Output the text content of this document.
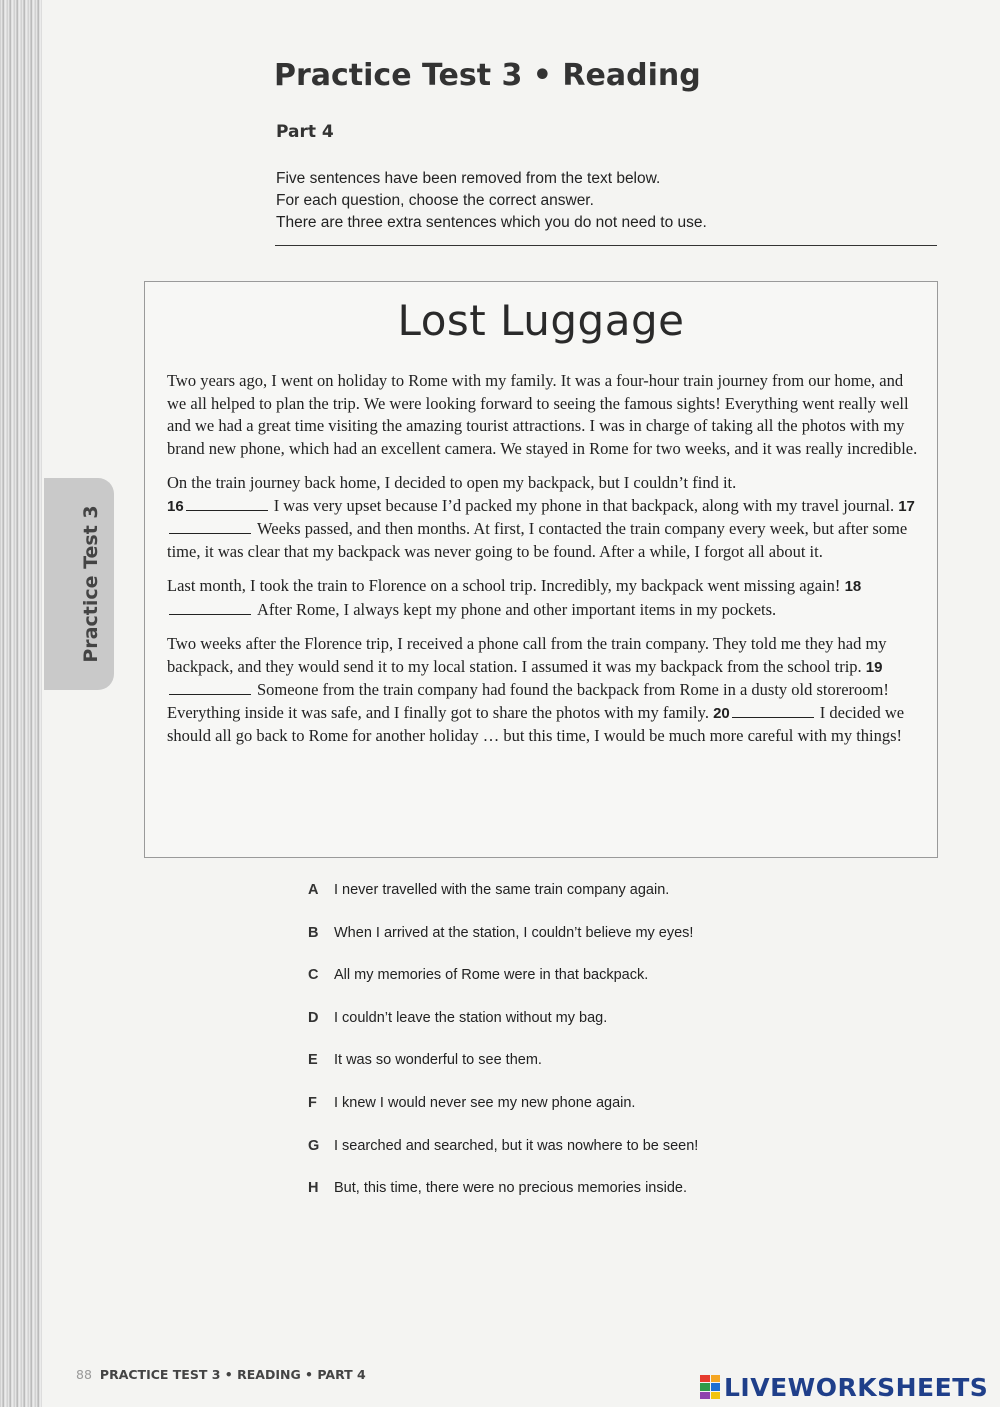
Practice Test 3
Practice Test 3 • Reading
Part 4
Five sentences have been removed from the text below.
For each question, choose the correct answer.
There are three extra sentences which you do not need to use.
Lost Luggage

Two years ago, I went on holiday to Rome with my family. It was a four-hour train journey from our home, and we all helped to plan the trip. We were looking forward to seeing the famous sights! Everything went really well and we had a great time visiting the amazing tourist attractions. I was in charge of taking all the photos with my brand new phone, which had an excellent camera. We stayed in Rome for two weeks, and it was really incredible.

On the train journey back home, I decided to open my backpack, but I couldn’t find it.
16	I was very upset because I’d packed my phone in that backpack, along with my travel journal. 17Weeks passed, and then months. At first, I contacted the train company every week, but after some time, it was clear that my backpack was never going to be found. After a while, I forgot all about it.

Last month, I took the train to Florence on a school trip. Incredibly, my backpack went missing again! 18After Rome, I always kept my phone and other important items in my pockets.

Two weeks after the Florence trip, I received a phone call from the train company. They told me they had my backpack, and they would send it to my local station. I assumed it was my backpack from the school trip. 19Someone from the train company had found the backpack from Rome in a dusty old storeroom! Everything inside it was safe, and I finally got to share the photos with my family. 20	I decided we should all go back to Rome for another holiday … but this time, I would be much more careful with my things!

A	I never travelled with the same train company again.
B	When I arrived at the station, I couldn’t believe my eyes!
C	All my memories of Rome were in that backpack.
D	I couldn’t leave the station without my bag.
E	It was so wonderful to see them.
F	I knew I would never see my new phone again.
G	I searched and searched, but it was nowhere to be seen!
H	But, this time, there were no precious memories inside.
88 PRACTICE TEST 3 • READING • PART 4	LIVEWORKSHEETS
